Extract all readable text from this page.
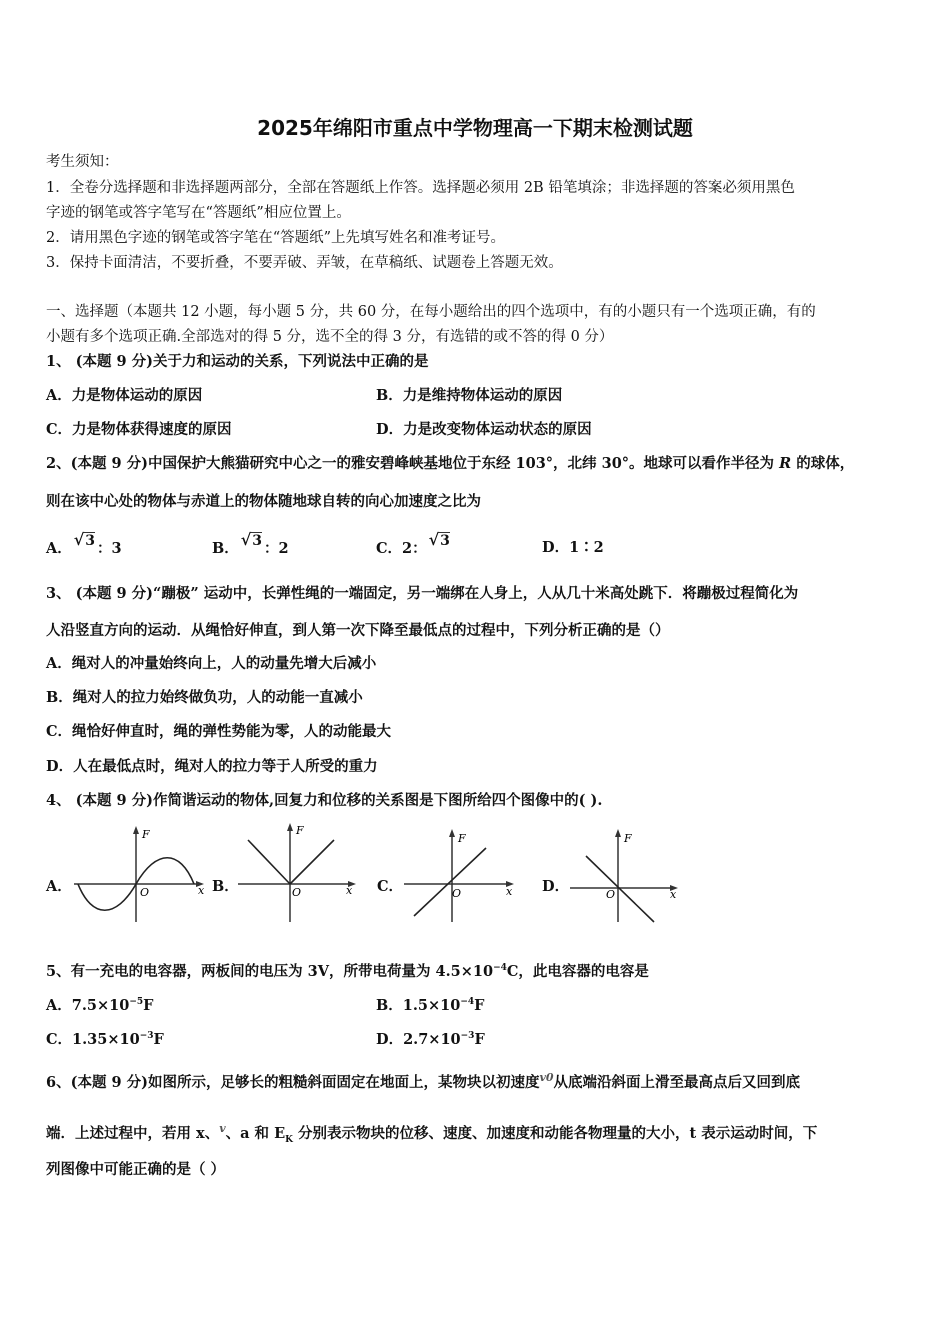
2025年绵阳市重点中学物理高一下期末检测试题
考生须知：
1．全卷分选择题和非选择题两部分，全部在答题纸上作答。选择题必须用 2B 铅笔填涂；非选择题的答案必须用黑色
字迹的钢笔或答字笔写在“答题纸”相应位置上。
2．请用黑色字迹的钢笔或答字笔在“答题纸”上先填写姓名和准考证号。
3．保持卡面清洁，不要折叠，不要弄破、弄皱，在草稿纸、试题卷上答题无效。
一、选择题（本题共 12 小题，每小题 5 分，共 60 分，在每小题给出的四个选项中，有的小题只有一个选项正确，有的
小题有多个选项正确.全部选对的得 5 分，选不全的得 3 分，有选错的或不答的得 0 分）
1、 (本题 9 分)关于力和运动的关系，下列说法中正确的是
A．力是物体运动的原因	B．力是维持物体运动的原因
C．力是物体获得速度的原因	D．力是改变物体运动状态的原因
2、(本题 9 分)中国保护大熊猫研究中心之一的雅安碧峰峡基地位于东经 103°，北纬 30°。地球可以看作半径为 R 的球体，
则在该中心处的物体与赤道上的物体随地球自转的向心加速度之比为
A． √3 ：3	B． √3 ：2	C．2： √3	D．1∶2
3、 (本题 9 分)“蹦极” 运动中，长弹性绳的一端固定，另一端绑在人身上，人从几十米高处跳下．将蹦极过程简化为
人沿竖直方向的运动．从绳恰好伸直，到人第一次下降至最低点的过程中，下列分析正确的是（）
A．绳对人的冲量始终向上，人的动量先增大后减小
B．绳对人的拉力始终做负功，人的动能一直减小
C．绳恰好伸直时，绳的弹性势能为零，人的动能最大
D．人在最低点时，绳对人的拉力等于人所受的重力
4、 (本题 9 分)作简谐运动的物体,回复力和位移的关系图是下图所给四个图像中的( ).
A．
F
O	x B．
F
O	x C．
F
O	x D．
F
O	x
5、有一充电的电容器，两板间的电压为 3V，所带电荷量为 $4.5\times 10^{-4}C$，此电容器的电容是
A．$7.5\times 10^{-5}F$	B．$1.5\times 10^{-4}F$
C．$1.35\times 10^{-3}F$	D．$2.7\times 10^{-3}F$
6、(本题 9 分)如图所示，足够长的粗糙斜面固定在地面上，某物块以初速度$^{v0}$从底端沿斜面上滑至最高点后又回到底
端．上述过程中，若用 x、$^v$、a 和 $E_K$ 分别表示物块的位移、速度、加速度和动能各物理量的大小，t 表示运动时间，下
列图像中可能正确的是（ ）
